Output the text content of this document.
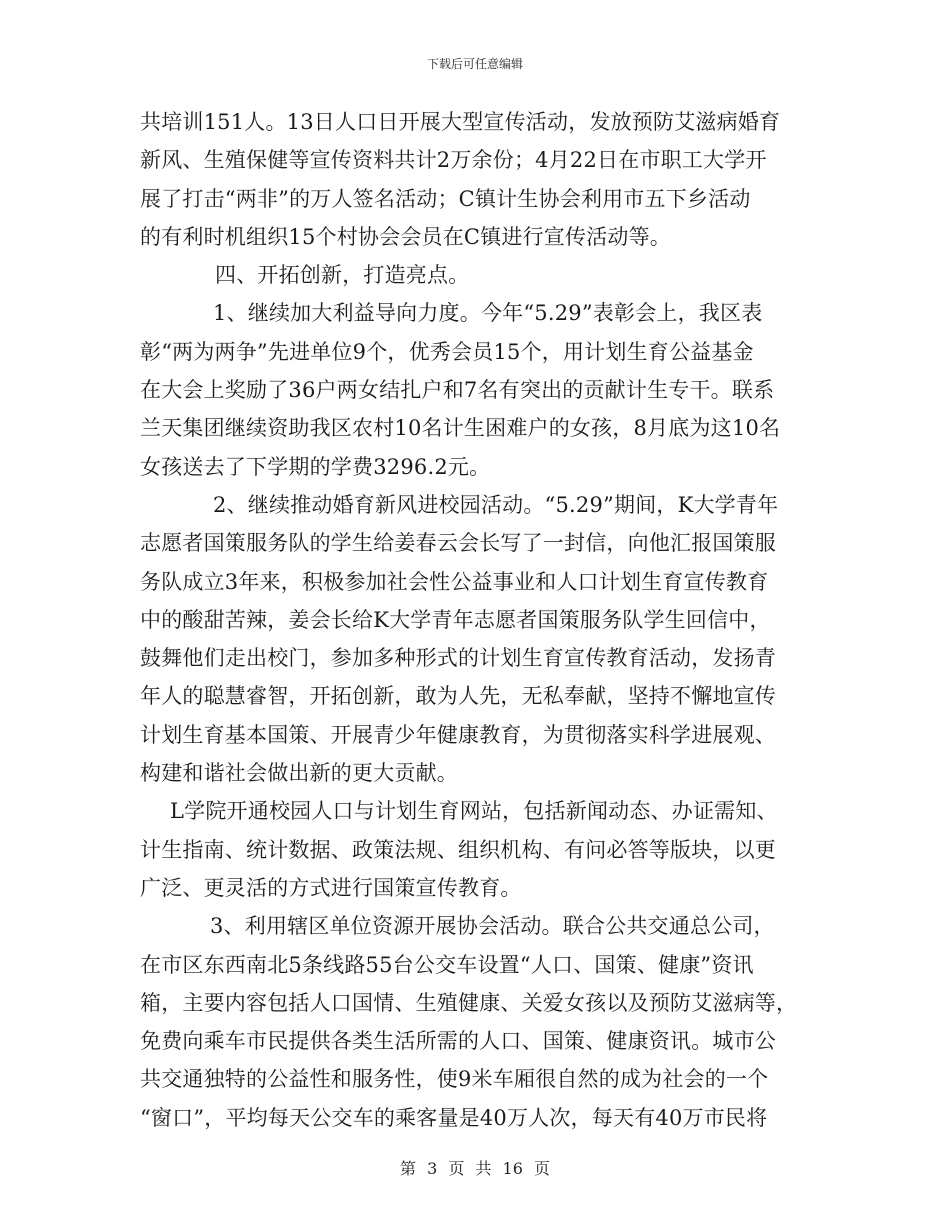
下载后可任意编辑
共培训151人。13日人口日开展大型宣传活动，发放预防艾滋病婚育
新风、生殖保健等宣传资料共计2万余份；4月22日在市职工大学开
展了打击“两非”的万人签名活动；C镇计生协会利用市五下乡活动
的有利时机组织15个村协会会员在C镇进行宣传活动等。
四、开拓创新，打造亮点。
1、继续加大利益导向力度。今年“5.29”表彰会上，我区表
彰“两为两争”先进单位9个，优秀会员15个，用计划生育公益基金
在大会上奖励了36户两女结扎户和7名有突出的贡献计生专干。联系
兰天集团继续资助我区农村10名计生困难户的女孩，8月底为这10名
女孩送去了下学期的学费3296.2元。
2、继续推动婚育新风进校园活动。“5.29”期间，K大学青年
志愿者国策服务队的学生给姜春云会长写了一封信，向他汇报国策服
务队成立3年来，积极参加社会性公益事业和人口计划生育宣传教育
中的酸甜苦辣，姜会长给K大学青年志愿者国策服务队学生回信中，
鼓舞他们走出校门，参加多种形式的计划生育宣传教育活动，发扬青
年人的聪慧睿智，开拓创新，敢为人先，无私奉献，坚持不懈地宣传
计划生育基本国策、开展青少年健康教育，为贯彻落实科学进展观、
构建和谐社会做出新的更大贡献。
L学院开通校园人口与计划生育网站，包括新闻动态、办证需知、
计生指南、统计数据、政策法规、组织机构、有问必答等版块，以更
广泛、更灵活的方式进行国策宣传教育。
3、利用辖区单位资源开展协会活动。联合公共交通总公司，
在市区东西南北5条线路55台公交车设置“人口、国策、健康”资讯
箱，主要内容包括人口国情、生殖健康、关爱女孩以及预防艾滋病等，
免费向乘车市民提供各类生活所需的人口、国策、健康资讯。城市公
共交通独特的公益性和服务性，使9米车厢很自然的成为社会的一个
“窗口”，平均每天公交车的乘客量是40万人次，每天有40万市民将
第 3 页 共 16 页
